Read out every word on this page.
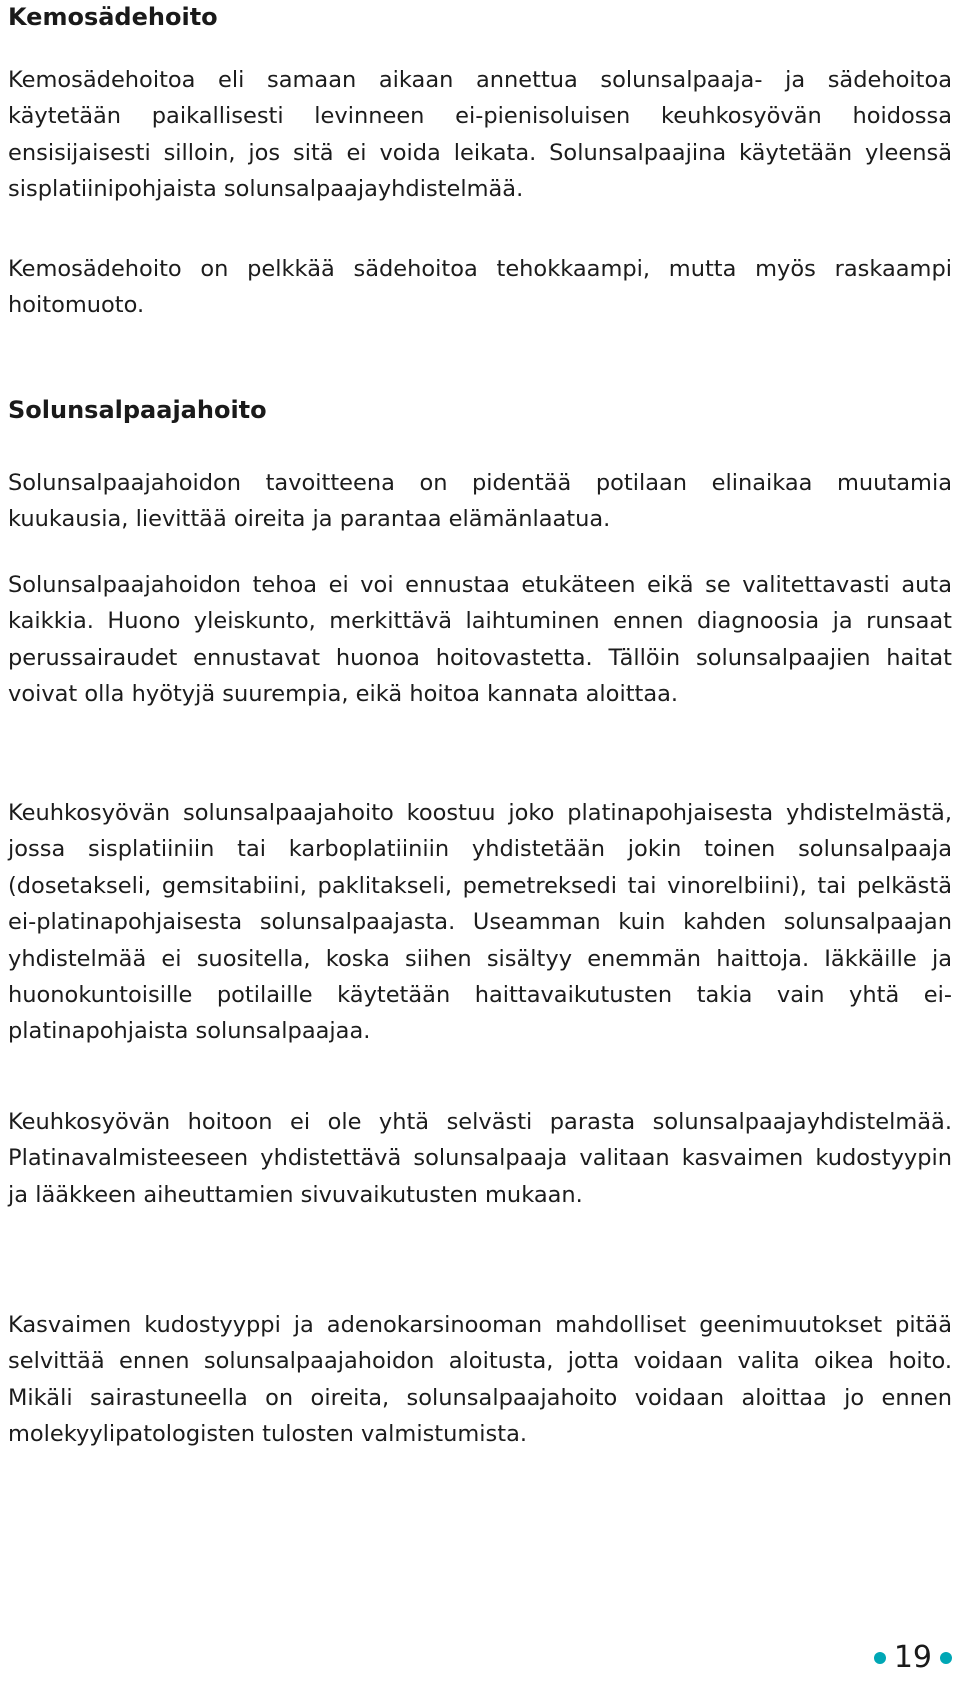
Kemosädehoito

Kemosädehoitoa eli samaan aikaan annettua solunsalpaaja- ja sädehoitoa käytetään paikallisesti levinneen ei-pienisoluisen keuhkosyövän hoidossa ensisijaisesti silloin, jos sitä ei voida leikata. Solunsalpaajina käytetään yleensä sisplatiinipohjaista solunsalpaajayhdistelmää.

Kemosädehoito on pelkkää sädehoitoa tehokkaampi, mutta myös raskaampi hoitomuoto.

Solunsalpaajahoito

Solunsalpaajahoidon tavoitteena on pidentää potilaan elinaikaa muutamia kuukausia, lievittää oireita ja parantaa elämänlaatua.

Solunsalpaajahoidon tehoa ei voi ennustaa etukäteen eikä se valitettavasti auta kaikkia. Huono yleiskunto, merkittävä laihtuminen ennen diagnoosia ja runsaat perussairaudet ennustavat huonoa hoitovastetta. Tällöin solunsalpaajien haitat voivat olla hyötyjä suurempia, eikä hoitoa kannata aloittaa.

Keuhkosyövän solunsalpaajahoito koostuu joko platinapohjaisesta yhdistelmästä, jossa sisplatiiniin tai karboplatiiniin yhdistetään jokin toinen solunsalpaaja (dosetakseli, gemsitabiini, paklitakseli, pemetreksedi tai vinorelbiini), tai pelkästä ei-platinapohjaisesta solunsalpaajasta. Useamman kuin kahden solunsalpaajan yhdistelmää ei suositella, koska siihen sisältyy enemmän haittoja. Iäkkäille ja huonokuntoisille potilaille käytetään haittavaikutusten takia vain yhtä ei-platinapohjaista solunsalpaajaa.

Keuhkosyövän hoitoon ei ole yhtä selvästi parasta solunsalpaajayhdistelmää. Platinavalmisteeseen yhdistettävä solunsalpaaja valitaan kasvaimen kudostyypin ja lääkkeen aiheuttamien sivuvaikutusten mukaan.

Kasvaimen kudostyyppi ja adenokarsinooman mahdolliset geenimuutokset pitää selvittää ennen solunsalpaajahoidon aloitusta, jotta voidaan valita oikea hoito. Mikäli sairastuneella on oireita, solunsalpaajahoito voidaan aloittaa jo ennen molekyylipatologisten tulosten valmistumista.

19
